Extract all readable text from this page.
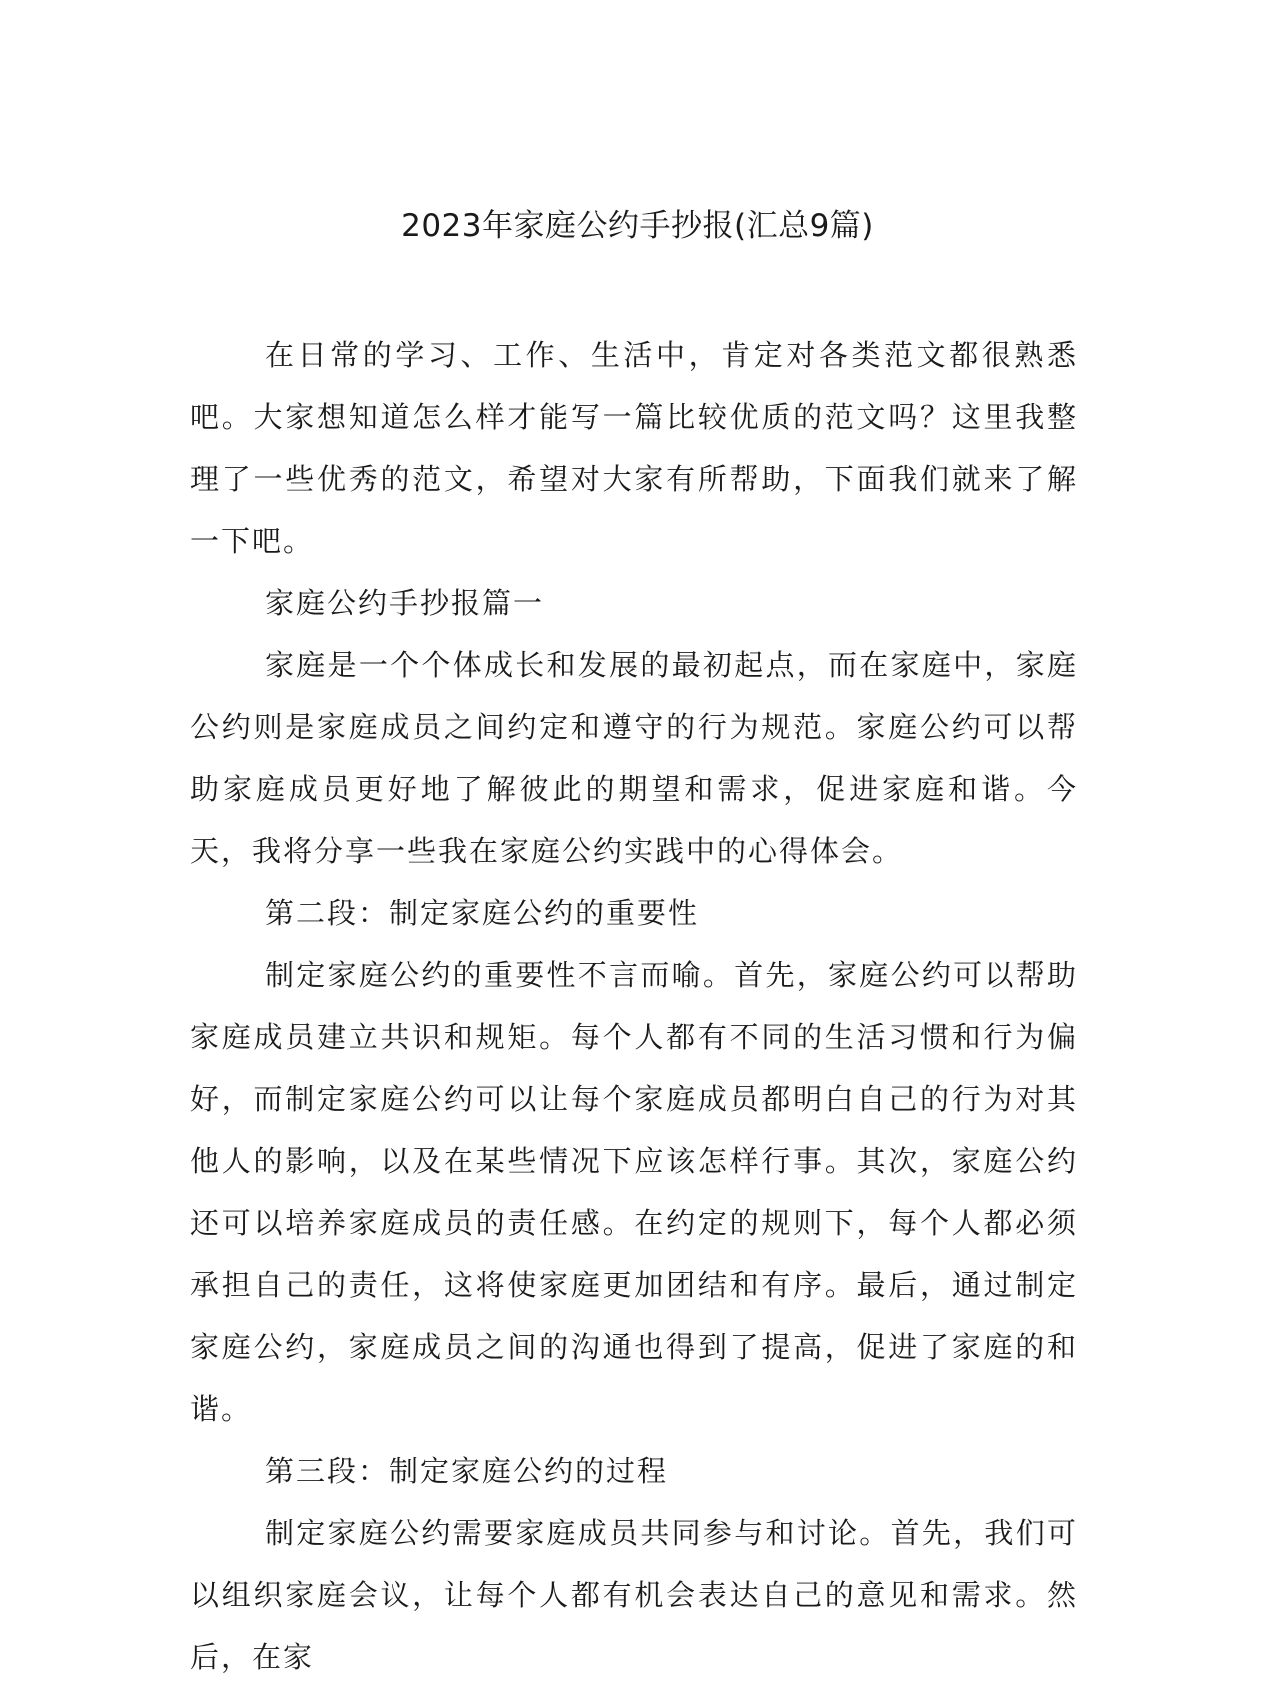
2023年家庭公约手抄报(汇总9篇)

在日常的学习、工作、生活中，肯定对各类范文都很熟悉吧。大家想知道怎么样才能写一篇比较优质的范文吗？这里我整理了一些优秀的范文，希望对大家有所帮助，下面我们就来了解一下吧。

家庭公约手抄报篇一

家庭是一个个体成长和发展的最初起点，而在家庭中，家庭公约则是家庭成员之间约定和遵守的行为规范。家庭公约可以帮助家庭成员更好地了解彼此的期望和需求，促进家庭和谐。今天，我将分享一些我在家庭公约实践中的心得体会。

第二段：制定家庭公约的重要性

制定家庭公约的重要性不言而喻。首先，家庭公约可以帮助家庭成员建立共识和规矩。每个人都有不同的生活习惯和行为偏好，而制定家庭公约可以让每个家庭成员都明白自己的行为对其他人的影响，以及在某些情况下应该怎样行事。其次，家庭公约还可以培养家庭成员的责任感。在约定的规则下，每个人都必须承担自己的责任，这将使家庭更加团结和有序。最后，通过制定家庭公约，家庭成员之间的沟通也得到了提高，促进了家庭的和谐。

第三段：制定家庭公约的过程

制定家庭公约需要家庭成员共同参与和讨论。首先，我们可以组织家庭会议，让每个人都有机会表达自己的意见和需求。然后，在家
